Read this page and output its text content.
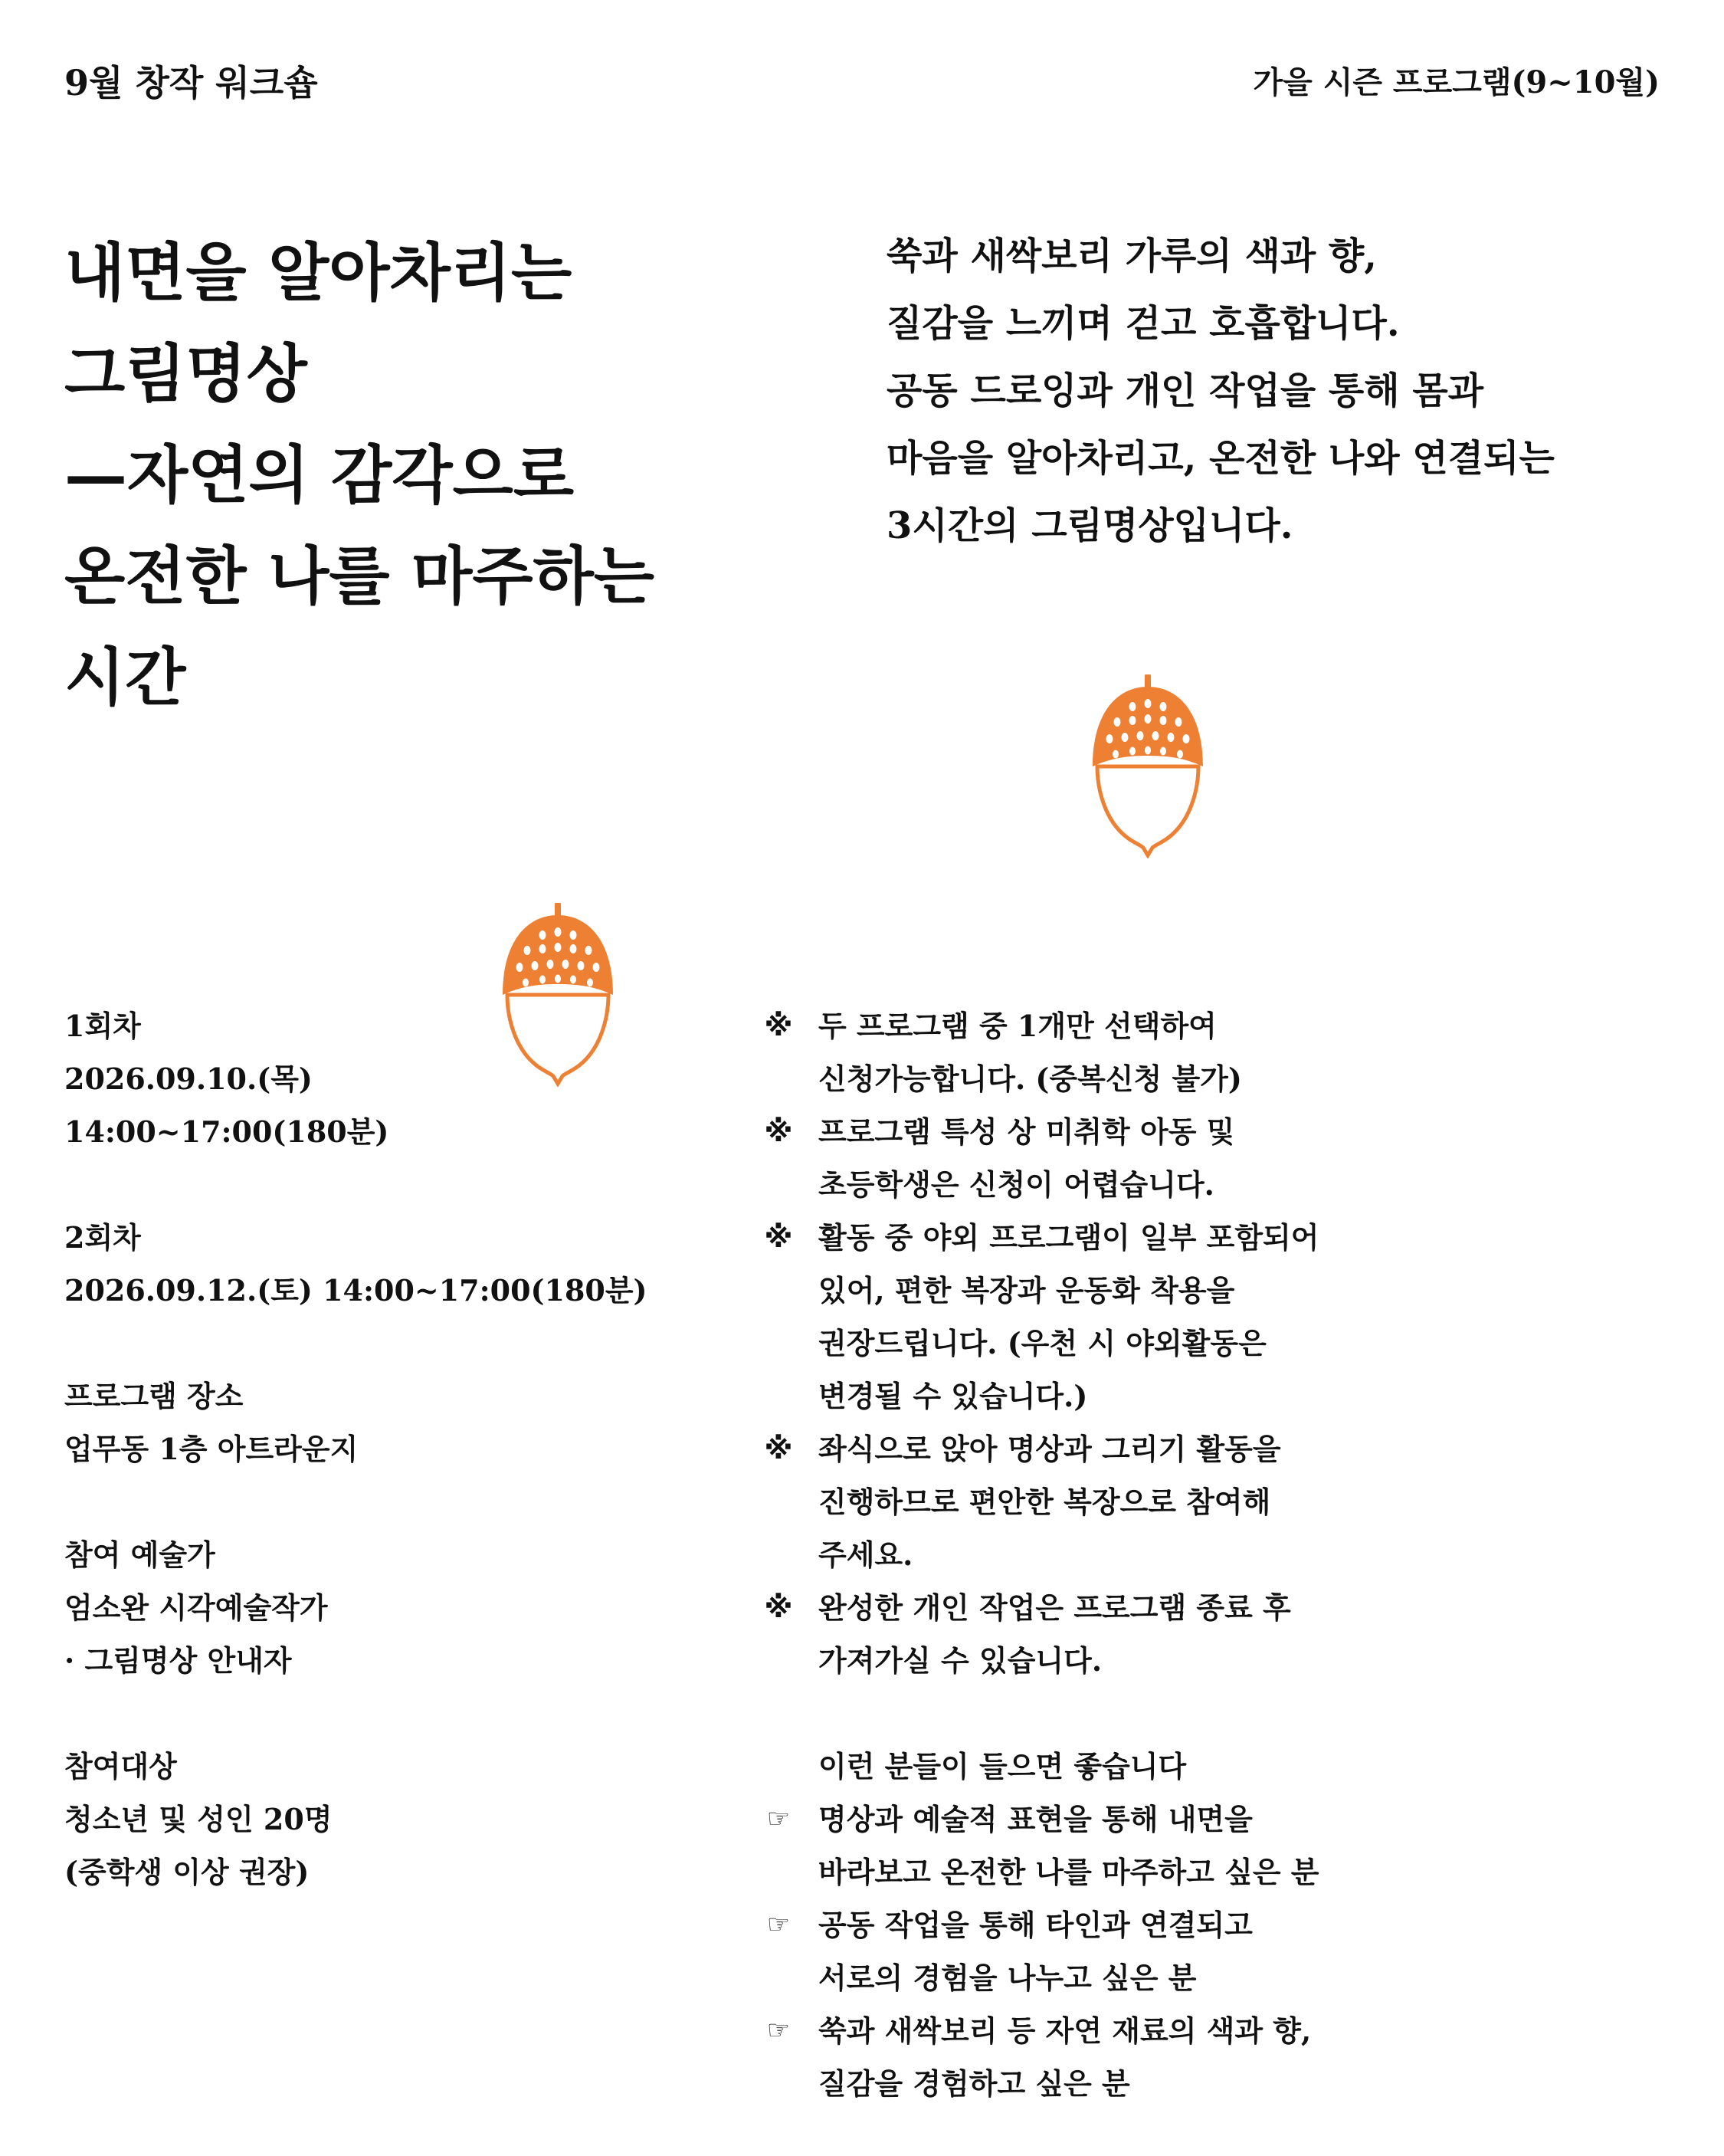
9월 창작 워크숍	가을 시즌 프로그램(9~10월)
내면을 알아차리는
그림명상
—자연의 감각으로
온전한 나를 마주하는
시간
쑥과 새싹보리 가루의 색과 향,
질감을 느끼며 걷고 호흡합니다.
공동 드로잉과 개인 작업을 통해 몸과
마음을 알아차리고, 온전한 나와 연결되는
3시간의 그림명상입니다.
1회차
2026.09.10.(목)
14:00~17:00(180분)
2회차
2026.09.12.(토) 14:00~17:00(180분)
프로그램 장소
업무동 1층 아트라운지
참여 예술가
엄소완 시각예술작가
· 그림명상 안내자
참여대상
청소년 및 성인 20명
(중학생 이상 권장)
※ 두 프로그램 중 1개만 선택하여
신청가능합니다. (중복신청 불가)
※ 프로그램 특성 상 미취학 아동 및
초등학생은 신청이 어렵습니다.
※ 활동 중 야외 프로그램이 일부 포함되어
있어, 편한 복장과 운동화 착용을
권장드립니다. (우천 시 야외활동은
변경될 수 있습니다.)
※ 좌식으로 앉아 명상과 그리기 활동을
진행하므로 편안한 복장으로 참여해
주세요.
※ 완성한 개인 작업은 프로그램 종료 후
가져가실 수 있습니다.
이런 분들이 들으면 좋습니다
☞ 명상과 예술적 표현을 통해 내면을
바라보고 온전한 나를 마주하고 싶은 분
☞ 공동 작업을 통해 타인과 연결되고
서로의 경험을 나누고 싶은 분
☞ 쑥과 새싹보리 등 자연 재료의 색과 향,
질감을 경험하고 싶은 분
